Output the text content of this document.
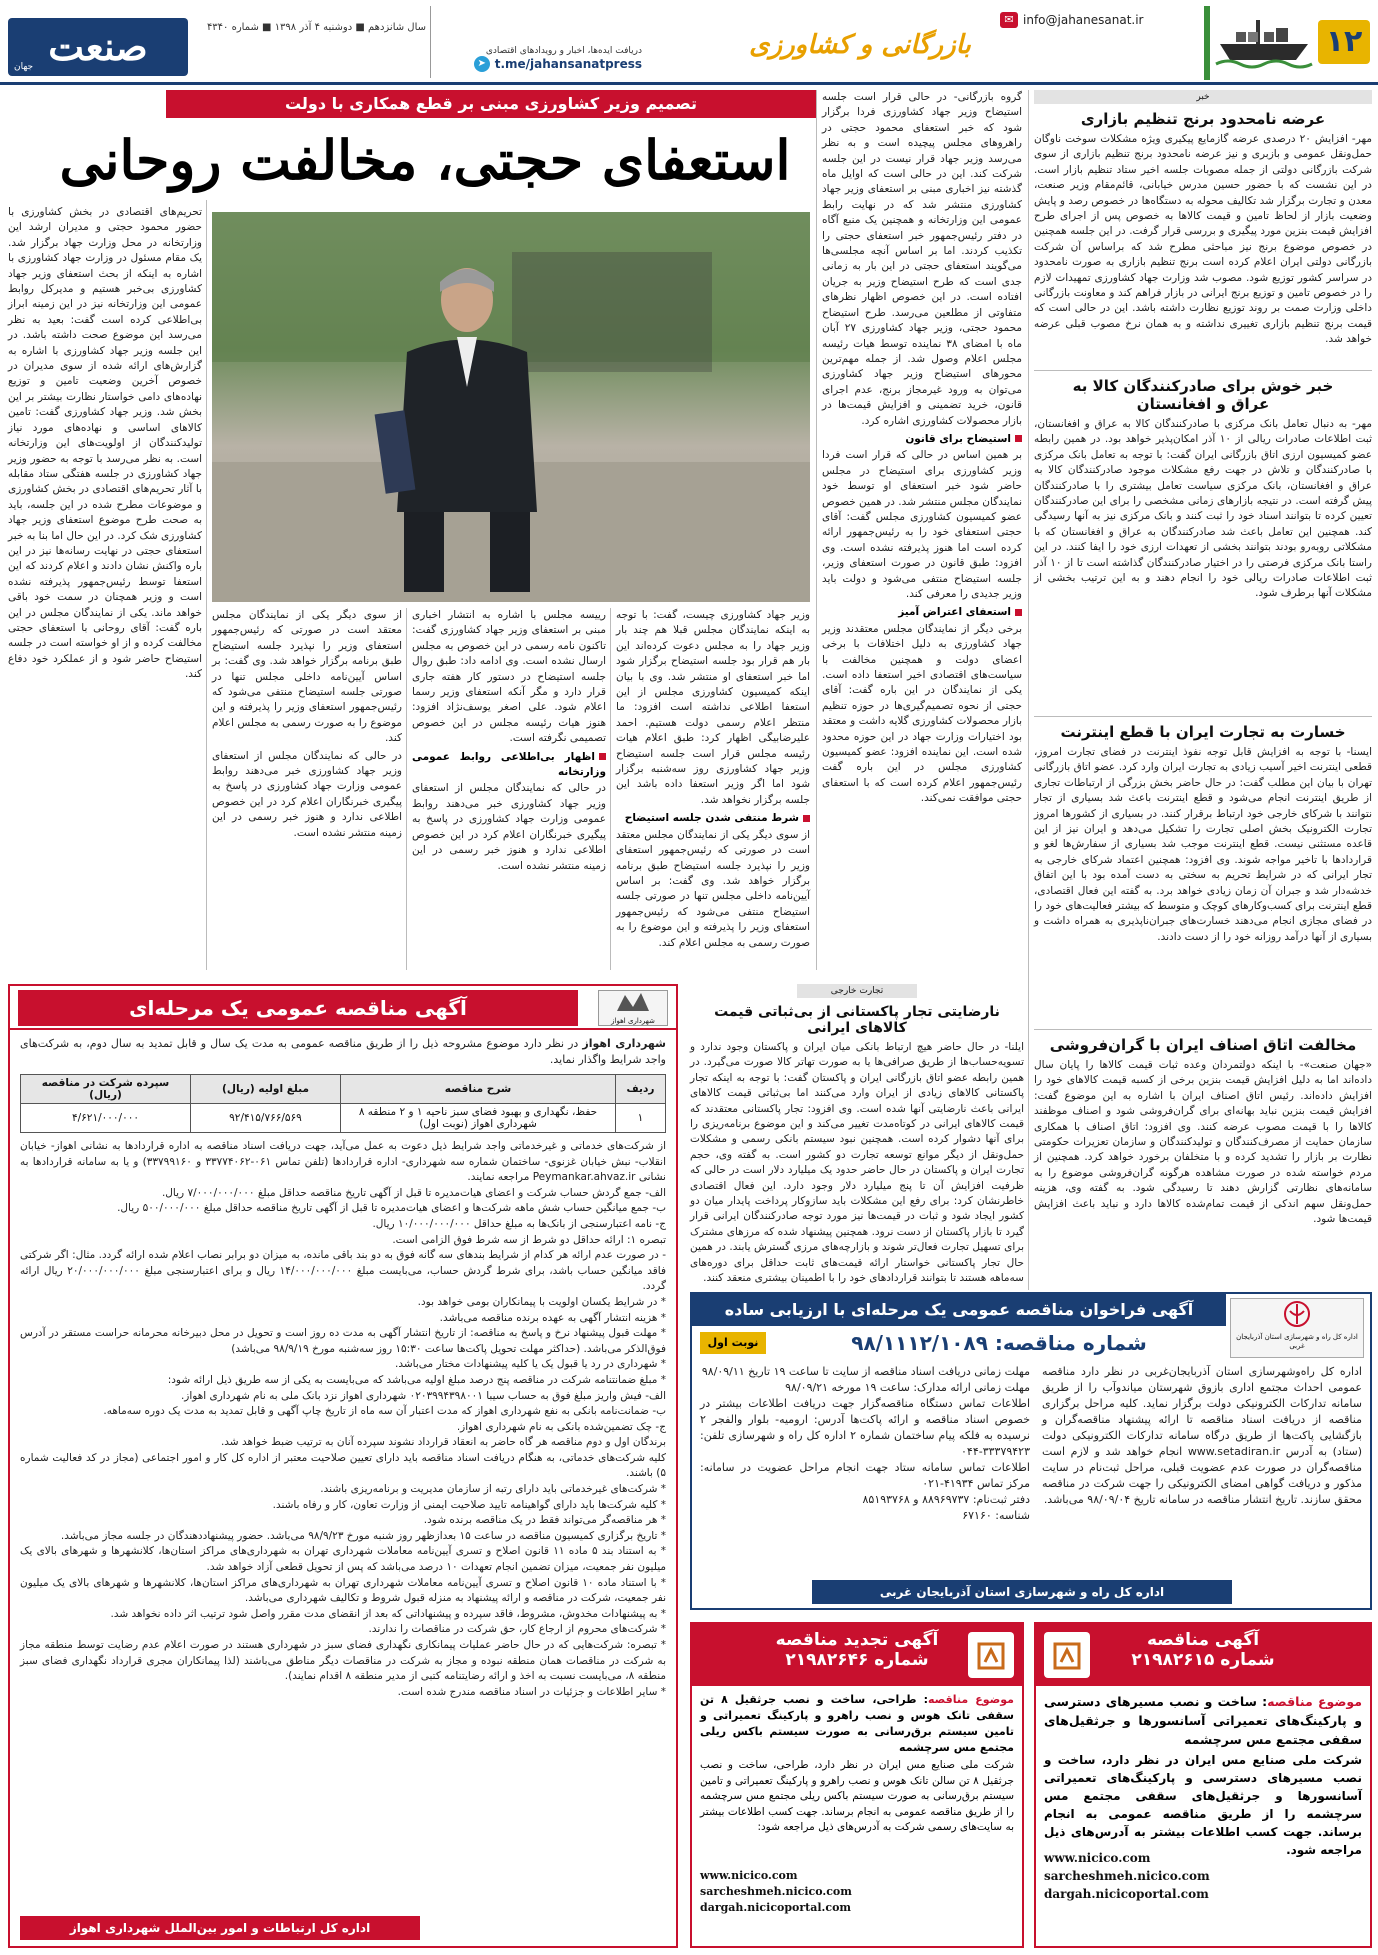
۱۲
✉ info@jahanesanat.ir
بازرگانی و کشاورزی
دریافت ایده‌ها، اخبار و رویدادهای اقتصادی
➤ t.me/jahansanatpress
سال شانزدهم ■ دوشنبه ۴ آذر ۱۳۹۸ ■ شماره ۴۳۴۰
صنعت
جهان
خبر
عرضه نامحدود برنج تنظیم بازاری
مهر- افزایش ۲۰ درصدی عرضه گازمایع پیکیری ویژه مشکلات سوخت ناوگان حمل‌ونقل عمومی و بازبری و نیز عرضه نامحدود برنج تنظیم بازاری از سوی شرکت بازرگانی دولتی از جمله مصوبات جلسه اخیر ستاد تنظیم بازار است. در این نشست که با حضور حسین مدرس خیابانی، قائم‌مقام وزیر صنعت، معدن و تجارت برگزار شد تکالیف محوله به دستگاه‌ها در خصوص رصد و پایش وضعیت بازار از لحاظ تامین و قیمت کالاها به خصوص پس از اجرای طرح افزایش قیمت بنزین مورد پیگیری و بررسی قرار گرفت. در این جلسه همچنین در خصوص موضوع برنج نیز مباحثی مطرح شد که براساس آن شرکت بازرگانی دولتی ایران اعلام کرده است برنج تنظیم بازاری به صورت نامحدود در سراسر کشور توزیع شود. مصوب شد وزارت جهاد کشاورزی تمهیدات لازم را در خصوص تامین و توزیع برنج ایرانی در بازار فراهم کند و معاونت بازرگانی داخلی وزارت صمت بر روند توزیع نظارت داشته باشد. این در حالی است که قیمت برنج تنظیم بازاری تغییری نداشته و به همان نرخ مصوب قبلی عرضه خواهد شد.
خبر خوش برای صادرکنندگان کالا به عراق و افغانستان
مهر- به دنبال تعامل بانک مرکزی با صادرکنندگان کالا به عراق و افغانستان، ثبت اطلاعات صادرات ریالی از ۱۰ آذر امکان‌پذیر خواهد بود. در همین رابطه عضو کمیسیون ارزی اتاق بازرگانی ایران گفت: با توجه به تعامل بانک مرکزی با صادرکنندگان و تلاش در جهت رفع مشکلات موجود صادرکنندگان کالا به عراق و افغانستان، بانک مرکزی سیاست تعامل بیشتری را با صادرکنندگان پیش گرفته است. در نتیجه بازارهای زمانی مشخصی را برای این صادرکنندگان تعیین کرده تا بتوانند اسناد خود را ثبت کنند و بانک مرکزی نیز به آنها رسیدگی کند. همچنین این تعامل باعث شد صادرکنندگان به عراق و افغانستان که با مشکلاتی روبه‌رو بودند بتوانند بخشی از تعهدات ارزی خود را ایفا کنند. در این راستا بانک مرکزی فرصتی را در اختیار صادرکنندگان گذاشته است تا از ۱۰ آذر ثبت اطلاعات صادرات ریالی خود را انجام دهند و به این ترتیب بخشی از مشکلات آنها برطرف شود.
خسارت به تجارت ایران با قطع اینترنت
ایسنا- با توجه به افزایش قابل توجه نفوذ اینترنت در فضای تجارت امروز، قطعی اینترنت اخیر آسیب زیادی به تجارت ایران وارد کرد. عضو اتاق بازرگانی تهران با بیان این مطلب گفت: در حال حاضر بخش بزرگی از ارتباطات تجاری از طریق اینترنت انجام می‌شود و قطع اینترنت باعث شد بسیاری از تجار نتوانند با شرکای خارجی خود ارتباط برقرار کنند. در بسیاری از کشورها امروز تجارت الکترونیک بخش اصلی تجارت را تشکیل می‌دهد و ایران نیز از این قاعده مستثنی نیست. قطع اینترنت موجب شد بسیاری از سفارش‌ها لغو و قراردادها با تاخیر مواجه شوند. وی افزود: همچنین اعتماد شرکای خارجی به تجار ایرانی که در شرایط تحریم به سختی به دست آمده بود با این اتفاق خدشه‌دار شد و جبران آن زمان زیادی خواهد برد. به گفته این فعال اقتصادی، قطع اینترنت برای کسب‌وکارهای کوچک و متوسط که بیشتر فعالیت‌های خود را در فضای مجازی انجام می‌دهند خسارت‌های جبران‌ناپذیری به همراه داشت و بسیاری از آنها درآمد روزانه خود را از دست دادند.
مخالفت اتاق اصناف ایران با گران‌فروشی
«جهان صنعت»- با اینکه دولتمردان وعده ثبات قیمت کالاها را پایان سال داده‌اند اما به دلیل افزایش قیمت بنزین برخی از کسبه قیمت کالاهای خود را افزایش داده‌اند. رئیس اتاق اصناف ایران با اشاره به این موضوع گفت: افزایش قیمت بنزین نباید بهانه‌ای برای گران‌فروشی شود و اصناف موظفند کالاها را با قیمت مصوب عرضه کنند. وی افزود: اتاق اصناف با همکاری سازمان حمایت از مصرف‌کنندگان و تولیدکنندگان و سازمان تعزیرات حکومتی نظارت بر بازار را تشدید کرده و با متخلفان برخورد خواهد کرد. همچنین از مردم خواسته شده در صورت مشاهده هرگونه گران‌فروشی موضوع را به سامانه‌های نظارتی گزارش دهند تا رسیدگی شود. به گفته وی، هزینه حمل‌ونقل سهم اندکی از قیمت تمام‌شده کالاها دارد و نباید باعث افزایش قیمت‌ها شود.
تصمیم وزیر کشاورزی مبنی بر قطع همکاری با دولت
استعفای حجتی، مخالفت روحانی

گروه بازرگانی- در حالی قرار است جلسه استیضاح وزیر جهاد کشاورزی فردا برگزار شود که خبر استعفای محمود حجتی در راهروهای مجلس پیچیده است و به نظر می‌رسد وزیر جهاد قرار نیست در این جلسه شرکت کند. این در حالی است که اوایل ماه گذشته نیز اخباری مبنی بر استعفای وزیر جهاد کشاورزی منتشر شد که در نهایت رابط عمومی این وزارتخانه و همچنین یک منبع آگاه در دفتر رئیس‌جمهور خبر استعفای حجتی را تکذیب کردند. اما بر اساس آنچه مجلسی‌ها می‌گویند استعفای حجتی در این بار به زمانی جدی است که طرح استیضاح وزیر به جریان افتاده است. در این خصوص اظهار نظرهای متفاوتی از مطلعین می‌رسد. طرح استیضاح محمود حجتی، وزیر جهاد کشاورزی ۲۷ آبان ماه با امضای ۳۸ نماینده توسط هیات رئیسه مجلس اعلام وصول شد. از جمله مهم‌ترین محورهای استیضاح وزیر جهاد کشاورزی می‌توان به ورود غیرمجاز برنج، عدم اجرای قانون، خرید تضمینی و افزایش قیمت‌ها در بازار محصولات کشاورزی اشاره کرد.

استیضاح برای قانون

بر همین اساس در حالی که قرار است فردا وزیر کشاورزی برای استیضاح در مجلس حاضر شود خبر استعفای او توسط خود نمایندگان مجلس منتشر شد. در همین خصوص عضو کمیسیون کشاورزی مجلس گفت: آقای حجتی استعفای خود را به رئیس‌جمهور ارائه کرده است اما هنوز پذیرفته نشده است. وی افزود: طبق قانون در صورت استعفای وزیر، جلسه استیضاح منتفی می‌شود و دولت باید وزیر جدیدی را معرفی کند.

استعفای اعتراض آمیز

برخی دیگر از نمایندگان مجلس معتقدند وزیر جهاد کشاورزی به دلیل اختلافات با برخی اعضای دولت و همچنین مخالفت با سیاست‌های اقتصادی اخیر استعفا داده است. یکی از نمایندگان در این باره گفت: آقای حجتی از نحوه تصمیم‌گیری‌ها در حوزه تنظیم بازار محصولات کشاورزی گلایه داشت و معتقد بود اختیارات وزارت جهاد در این حوزه محدود شده است. این نماینده افزود: عضو کمیسیون کشاورزی مجلس در این باره گفت رئیس‌جمهور اعلام کرده است که با استعفای حجتی موافقت نمی‌کند.

وزیر جهاد کشاورزی چیست، گفت: با توجه به اینکه نمایندگان مجلس قبلا هم چند بار وزیر جهاد را به مجلس دعوت کرده‌اند این بار هم قرار بود جلسه استیضاح برگزار شود اما خبر استعفای او منتشر شد. وی با بیان اینکه کمیسیون کشاورزی مجلس از این استعفا اطلاعی نداشته است افزود: ما منتظر اعلام رسمی دولت هستیم. احمد علیرضابیگی اظهار کرد: طبق اعلام هیات رئیسه مجلس قرار است جلسه استیضاح وزیر جهاد کشاورزی روز سه‌شنبه برگزار شود اما اگر وزیر استعفا داده باشد این جلسه برگزار نخواهد شد.

شرط منتفی شدن جلسه استیضاح

از سوی دیگر یکی از نمایندگان مجلس معتقد است در صورتی که رئیس‌جمهور استعفای وزیر را نپذیرد جلسه استیضاح طبق برنامه برگزار خواهد شد. وی گفت: بر اساس آیین‌نامه داخلی مجلس تنها در صورتی جلسه استیضاح منتفی می‌شود که رئیس‌جمهور استعفای وزیر را پذیرفته و این موضوع را به صورت رسمی به مجلس اعلام کند.

رییسه مجلس با اشاره به انتشار اخباری مبنی بر استعفای وزیر جهاد کشاورزی گفت: تاکنون نامه رسمی در این خصوص به مجلس ارسال نشده است. وی ادامه داد: طبق روال جلسه استیضاح در دستور کار هفته جاری قرار دارد و مگر آنکه استعفای وزیر رسما اعلام شود. علی اصغر یوسف‌نژاد افزود: هنوز هیات رئیسه مجلس در این خصوص تصمیمی نگرفته است.

اظهار بی‌اطلاعی روابط عمومی وزارتخانه

در حالی که نمایندگان مجلس از استعفای وزیر جهاد کشاورزی خبر می‌دهند روابط عمومی وزارت جهاد کشاورزی در پاسخ به پیگیری خبرنگاران اعلام کرد در این خصوص اطلاعی ندارد و هنوز خبر رسمی در این زمینه منتشر نشده است.

از سوی دیگر یکی از نمایندگان مجلس معتقد است در صورتی که رئیس‌جمهور استعفای وزیر را نپذیرد جلسه استیضاح طبق برنامه برگزار خواهد شد. وی گفت: بر اساس آیین‌نامه داخلی مجلس تنها در صورتی جلسه استیضاح منتفی می‌شود که رئیس‌جمهور استعفای وزیر را پذیرفته و این موضوع را به صورت رسمی به مجلس اعلام کند.

در حالی که نمایندگان مجلس از استعفای وزیر جهاد کشاورزی خبر می‌دهند روابط عمومی وزارت جهاد کشاورزی در پاسخ به پیگیری خبرنگاران اعلام کرد در این خصوص اطلاعی ندارد و هنوز خبر رسمی در این زمینه منتشر نشده است.

تحریم‌های اقتصادی در بخش کشاورزی با حضور محمود حجتی و مدیران ارشد این وزارتخانه در محل وزارت جهاد برگزار شد. یک مقام مسئول در وزارت جهاد کشاورزی با اشاره به اینکه از بحث استعفای وزیر جهاد کشاورزی بی‌خبر هستیم و مدیرکل روابط عمومی این وزارتخانه نیز در این زمینه ابراز بی‌اطلاعی کرده است گفت: بعید به نظر می‌رسد این موضوع صحت داشته باشد. در این جلسه وزیر جهاد کشاورزی با اشاره به گزارش‌های ارائه شده از سوی مدیران در خصوص آخرین وضعیت تامین و توزیع نهاده‌های دامی خواستار نظارت بیشتر بر این بخش شد. وزیر جهاد کشاورزی گفت: تامین کالاهای اساسی و نهاده‌های مورد نیاز تولیدکنندگان از اولویت‌های این وزارتخانه است. به نظر می‌رسد با توجه به حضور وزیر جهاد کشاورزی در جلسه هفتگی ستاد مقابله با آثار تحریم‌های اقتصادی در بخش کشاورزی و موضوعات مطرح شده در این جلسه، باید به صحت طرح موضوع استعفای وزیر جهاد کشاورزی شک کرد. در این حال اما بنا به خبر استعفای حجتی در نهایت رسانه‌ها نیز در این باره واکنش نشان دادند و اعلام کردند که این استعفا توسط رئیس‌جمهور پذیرفته نشده است و وزیر همچنان در سمت خود باقی خواهد ماند. یکی از نمایندگان مجلس در این باره گفت: آقای روحانی با استعفای حجتی مخالفت کرده و از او خواسته است در جلسه استیضاح حاضر شود و از عملکرد خود دفاع کند.

شهرداری اهواز
آگهی مناقصه عمومی یک مرحله‌ای
شهرداری اهواز در نظر دارد موضوع مشروحه ذیل را از طریق مناقصه عمومی به مدت یک سال و قابل تمدید به سال دوم، به شرکت‌های واجد شرایط واگذار نماید.
ردیف	شرح مناقصه	مبلغ اولیه (ریال)	سپرده شرکت در مناقصه (ریال)
۱	حفظ، نگهداری و بهبود فضای سبز ناحیه ۱ و ۲ منطقه ۸ شهرداری اهواز (نوبت اول)	۹۲/۴۱۵/۷۶۶/۵۶۹	۴/۶۲۱/۰۰۰/۰۰۰
از شرکت‌های خدماتی و غیرخدماتی واجد شرایط ذیل دعوت به عمل می‌آید، جهت دریافت اسناد مناقصه به اداره قراردادها به نشانی اهواز- خیابان انقلاب- نبش خیابان غزنوی- ساختمان شماره سه شهرداری- اداره قراردادها (تلفن تماس ۰۶۱-۳۳۷۷۴۰۶۲ و ۳۳۷۹۹۱۶۰) و یا به سامانه قراردادها به نشانی Peymankar.ahvaz.ir مراجعه نمایند.
الف- جمع گردش حساب شرکت و اعضای هیات‌مدیره تا قبل از آگهی تاریخ مناقصه حداقل مبلغ ۷/۰۰۰/۰۰۰/۰۰۰ ریال.
ب- جمع میانگین حساب شش ماهه شرکت‌ها و اعضای هیات‌مدیره تا قبل از آگهی تاریخ مناقصه حداقل مبلغ ۵۰۰/۰۰۰/۰۰۰ ریال.
ج- نامه اعتبارسنجی از بانک‌ها به مبلغ حداقل ۱۰/۰۰۰/۰۰۰/۰۰۰ ریال.
تبصره ۱: ارائه حداقل دو شرط از سه شرط فوق الزامی است.
- در صورت عدم ارائه هر کدام از شرایط بندهای سه گانه فوق به دو بند باقی مانده، به میزان دو برابر نصاب اعلام شده ارائه گردد. مثال: اگر شرکتی فاقد میانگین حساب باشد، برای شرط گردش حساب، می‌بایست مبلغ ۱۴/۰۰۰/۰۰۰/۰۰۰ ریال و برای اعتبارسنجی مبلغ ۲۰/۰۰۰/۰۰۰/۰۰۰ ریال ارائه گردد.
* در شرایط یکسان اولویت با پیمانکاران بومی خواهد بود.
* هزینه انتشار آگهی به عهده برنده مناقصه می‌باشد.
* مهلت قبول پیشنهاد نرخ و پاسخ به مناقصه: از تاریخ انتشار آگهی به مدت ده روز است و تحویل در محل دبیرخانه محرمانه حراست مستقر در آدرس فوق‌الذکر می‌باشد. (حداکثر مهلت تحویل پاکت‌ها ساعت ۱۵:۳۰ روز سه‌شنبه مورخ ۹۸/۹/۱۹ می‌باشد)
* شهرداری در رد یا قبول یک یا کلیه پیشنهادات مختار می‌باشد.
* مبلغ ضمانتنامه شرکت در مناقصه پنج درصد مبلغ اولیه می‌باشد که می‌بایست به یکی از سه طریق ذیل ارائه شود:
الف- فیش واریز مبلغ فوق به حساب سیبا ۰۲۰۳۹۹۴۳۹۸۰۰۱ شهرداری اهواز نزد بانک ملی به نام شهرداری اهواز.
ب- ضمانت‌نامه بانکی به نفع شهرداری اهواز که مدت اعتبار آن سه ماه از تاریخ چاپ آگهی و قابل تمدید به مدت یک دوره سه‌ماهه.
ج- چک تضمین‌شده بانکی به نام شهرداری اهواز.
برندگان اول و دوم مناقصه هر گاه حاضر به انعقاد قرارداد نشوند سپرده آنان به ترتیب ضبط خواهد شد.
کلیه شرکت‌های خدماتی، به هنگام دریافت اسناد مناقصه باید دارای تعیین صلاحیت معتبر از اداره کل کار و امور اجتماعی (مجاز در کد فعالیت شماره ۵) باشند.
* شرکت‌های غیرخدماتی باید دارای رتبه از سازمان مدیریت و برنامه‌ریزی باشند.
* کلیه شرکت‌ها باید دارای گواهینامه تایید صلاحیت ایمنی از وزارت تعاون، کار و رفاه باشند.
* هر مناقصه‌گر می‌تواند فقط در یک مناقصه برنده شود.
* تاریخ برگزاری کمیسیون مناقصه در ساعت ۱۵ بعدازظهر روز شنبه مورخ ۹۸/۹/۲۳ می‌باشد. حضور پیشنهاددهندگان در جلسه مجاز می‌باشد.
* به استناد بند ۵ ماده ۱۱ قانون اصلاح و تسری آیین‌نامه معاملات شهرداری تهران به شهرداری‌های مراکز استان‌ها، کلانشهرها و شهرهای بالای یک میلیون نفر جمعیت، میزان تضمین انجام تعهدات ۱۰ درصد می‌باشد که پس از تحویل قطعی آزاد خواهد شد.
* با استناد ماده ۱۰ قانون اصلاح و تسری آیین‌نامه معاملات شهرداری تهران به شهرداری‌های مراکز استان‌ها، کلانشهرها و شهرهای بالای یک میلیون نفر جمعیت، شرکت در مناقصه و ارائه پیشنهاد به منزله قبول شروط و تکالیف شهرداری می‌باشد.
* به پیشنهادات مخدوش، مشروط، فاقد سپرده و پیشنهاداتی که بعد از انقضای مدت مقرر واصل شود ترتیب اثر داده نخواهد شد.
* شرکت‌های محروم از ارجاع کار، حق شرکت در مناقصات را ندارند.
* تبصره: شرکت‌هایی که در حال حاضر عملیات پیمانکاری نگهداری فضای سبز در شهرداری هستند در صورت اعلام عدم رضایت توسط منطقه مجاز به شرکت در مناقصات همان منطقه نبوده و مجاز به شرکت در مناقصات دیگر مناطق می‌باشند (لذا پیمانکاران مجری قرارداد نگهداری فضای سبز منطقه ۸، می‌بایست نسبت به اخذ و ارائه رضایتنامه کتبی از مدیر منطقه ۸ اقدام نمایند).
* سایر اطلاعات و جزئیات در اسناد مناقصه مندرج شده است.
اداره کل ارتباطات و امور بین‌الملل شهرداری اهواز
تجارت خارجی
نارضایتی تجار پاکستانی از بی‌ثباتی قیمت کالاهای ایرانی
ایلنا- در حال حاضر هیچ ارتباط بانکی میان ایران و پاکستان وجود ندارد و تسویه‌حساب‌ها از طریق صرافی‌ها یا به صورت تهاتر کالا صورت می‌گیرد. در همین رابطه عضو اتاق بازرگانی ایران و پاکستان گفت: با توجه به اینکه تجار پاکستانی کالاهای زیادی از ایران وارد می‌کنند اما بی‌ثباتی قیمت کالاهای ایرانی باعث نارضایتی آنها شده است. وی افزود: تجار پاکستانی معتقدند که قیمت کالاهای ایرانی در کوتاه‌مدت تغییر می‌کند و این موضوع برنامه‌ریزی را برای آنها دشوار کرده است. همچنین نبود سیستم بانکی رسمی و مشکلات حمل‌ونقل از دیگر موانع توسعه تجارت دو کشور است. به گفته وی، حجم تجارت ایران و پاکستان در حال حاضر حدود یک میلیارد دلار است در حالی که ظرفیت افزایش آن تا پنج میلیارد دلار وجود دارد. این فعال اقتصادی خاطرنشان کرد: برای رفع این مشکلات باید سازوکار پرداخت پایدار میان دو کشور ایجاد شود و ثبات در قیمت‌ها نیز مورد توجه صادرکنندگان ایرانی قرار گیرد تا بازار پاکستان از دست نرود. همچنین پیشنهاد شده که مرزهای مشترک برای تسهیل تجارت فعال‌تر شوند و بازارچه‌های مرزی گسترش یابند. در همین حال تجار پاکستانی خواستار ارائه قیمت‌های ثابت حداقل برای دوره‌های سه‌ماهه هستند تا بتوانند قراردادهای خود را با اطمینان بیشتری منعقد کنند.
آگهی فراخوان مناقصه عمومی یک مرحله‌ای با ارزیابی ساده
شماره مناقصه: ۹۸/۱۱۱۲/۱۰۸۹
نوبت اول	اداره کل راه و شهرسازی استان آذربایجان غربی
اداره کل راه‌وشهرسازی استان آذربایجان‌غربی در نظر دارد مناقصه عمومی احداث مجتمع اداری بازوق شهرستان میاندوآب را از طریق سامانه تدارکات الکترونیکی دولت برگزار نماید. کلیه مراحل برگزاری مناقصه از دریافت اسناد مناقصه تا ارائه پیشنهاد مناقصه‌گران و بازگشایی پاکت‌ها از طریق درگاه سامانه تدارکات الکترونیکی دولت (ستاد) به آدرس www.setadiran.ir انجام خواهد شد و لازم است مناقصه‌گران در صورت عدم عضویت قبلی، مراحل ثبت‌نام در سایت مذکور و دریافت گواهی امضای الکترونیکی را جهت شرکت در مناقصه محقق سازند. تاریخ انتشار مناقصه در سامانه تاریخ ۹۸/۰۹/۰۴ می‌باشد.
مهلت زمانی دریافت اسناد مناقصه از سایت تا ساعت ۱۹ تاریخ ۹۸/۰۹/۱۱
مهلت زمانی ارائه مدارک: ساعت ۱۹ مورخه ۹۸/۰۹/۲۱
اطلاعات تماس دستگاه مناقصه‌گزار جهت دریافت اطلاعات بیشتر در خصوص اسناد مناقصه و ارائه پاکت‌ها آدرس: ارومیه- بلوار والفجر ۲ نرسیده به فلکه پیام ساختمان شماره ۲ اداره کل راه و شهرسازی تلفن: ۳۳۳۷۹۴۲۳-۰۴۴
اطلاعات تماس سامانه ستاد جهت انجام مراحل عضویت در سامانه: مرکز تماس ۴۱۹۳۴-۰۲۱
دفتر ثبت‌نام: ۸۸۹۶۹۷۳۷ و ۸۵۱۹۳۷۶۸
شناسه: ۶۷۱۶۰
اداره کل راه و شهرسازی استان آذربایجان غربی
آگهی مناقصه
شماره ۲۱۹۸۲۶۱۵
موضوع مناقصه: ساخت و نصب مسیرهای دسترسی و پارکینگ‌های تعمیراتی آسانسورها و جرثقیل‌های سقفی مجتمع مس سرچشمه
شرکت ملی صنایع مس ایران در نظر دارد، ساخت و نصب مسیرهای دسترسی و پارکینگ‌های تعمیراتی آسانسورها و جرثقیل‌های سقفی مجتمع مس سرچشمه را از طریق مناقصه عمومی به انجام برساند. جهت کسب اطلاعات بیشتر به آدرس‌های ذیل مراجعه شود.
www.nicico.com
sarcheshmeh.nicico.com
dargah.nicicoportal.com
آگهی تجدید مناقصه
شماره ۲۱۹۸۲۶۴۶
موضوع مناقصه: طراحی، ساخت و نصب جرثقیل ۸ تن سقفی تانک هوس و نصب راهرو و پارکینگ تعمیراتی و تامین سیستم برق‌رسانی به صورت سیستم باکس ریلی مجتمع مس سرچشمه
شرکت ملی صنایع مس ایران در نظر دارد، طراحی، ساخت و نصب جرثقیل ۸ تن سالن تانک هوس و نصب راهرو و پارکینگ تعمیراتی و تامین سیستم برق‌رسانی به صورت سیستم باکس ریلی مجتمع مس سرچشمه را از طریق مناقصه عمومی به انجام برساند. جهت کسب اطلاعات بیشتر به سایت‌های رسمی شرکت به آدرس‌های ذیل مراجعه شود:
www.nicico.com
sarcheshmeh.nicico.com
dargah.nicicoportal.com
